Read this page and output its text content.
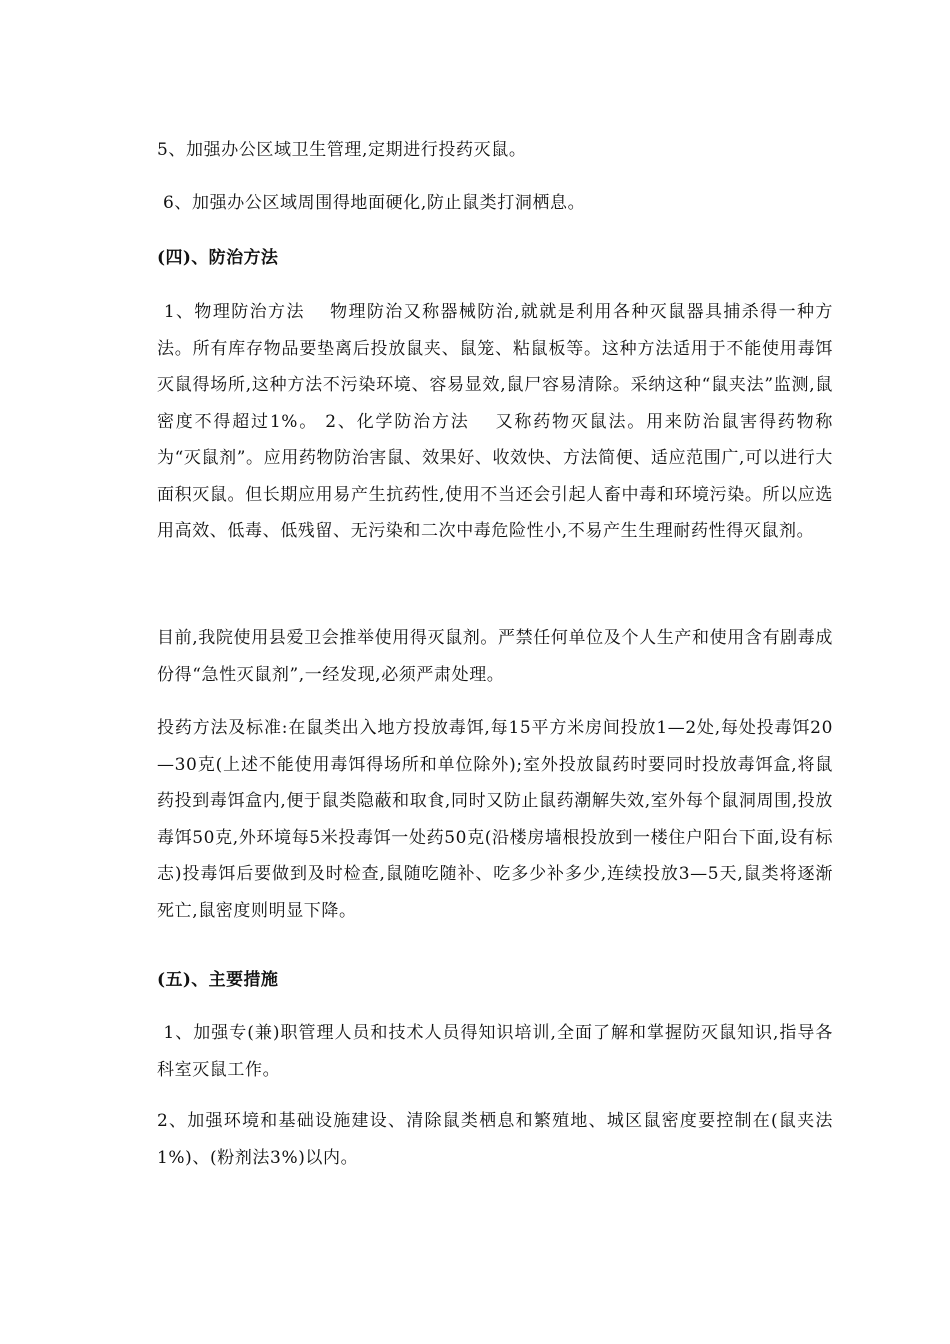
5、加强办公区域卫生管理,定期进行投药灭鼠。

6、加强办公区域周围得地面硬化,防止鼠类打洞栖息。

(四)、防治方法

1、物理防治方法　 物理防治又称器械防治,就就是利用各种灭鼠器具捕杀得一种方法。所有库存物品要垫离后投放鼠夹、鼠笼、粘鼠板等。这种方法适用于不能使用毒饵灭鼠得场所,这种方法不污染环境、容易显效,鼠尸容易清除。采纳这种“鼠夹法”监测,鼠密度不得超过1%。 2、化学防治方法　 又称药物灭鼠法。用来防治鼠害得药物称为“灭鼠剂”。应用药物防治害鼠、效果好、收效快、方法简便、适应范围广,可以进行大面积灭鼠。但长期应用易产生抗药性,使用不当还会引起人畜中毒和环境污染。所以应选用高效、低毒、低残留、无污染和二次中毒危险性小,不易产生生理耐药性得灭鼠剂。

目前,我院使用县爱卫会推举使用得灭鼠剂。严禁任何单位及个人生产和使用含有剧毒成份得“急性灭鼠剂”,一经发现,必须严肃处理。

投药方法及标准:在鼠类出入地方投放毒饵,每15平方米房间投放1—2处,每处投毒饵20—30克(上述不能使用毒饵得场所和单位除外);室外投放鼠药时要同时投放毒饵盒,将鼠药投到毒饵盒内,便于鼠类隐蔽和取食,同时又防止鼠药潮解失效,室外每个鼠洞周围,投放毒饵50克,外环境每5米投毒饵一处药50克(沿楼房墙根投放到一楼住户阳台下面,设有标志)投毒饵后要做到及时检查,鼠随吃随补、吃多少补多少,连续投放3—5天,鼠类将逐渐死亡,鼠密度则明显下降。

(五)、主要措施

1、加强专(兼)职管理人员和技术人员得知识培训,全面了解和掌握防灭鼠知识,指导各科室灭鼠工作。

2、加强环境和基础设施建设、清除鼠类栖息和繁殖地、城区鼠密度要控制在(鼠夹法1%)、(粉剂法3%)以内。
